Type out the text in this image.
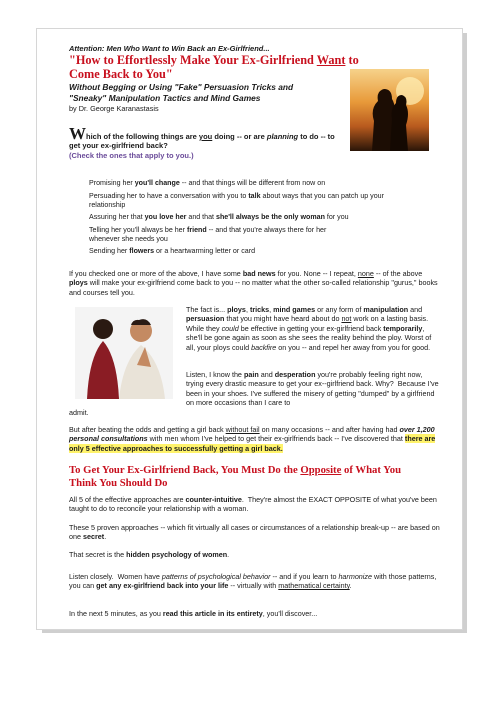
Attention: Men Who Want to Win Back an Ex-Girlfriend...
"How to Effortlessly Make Your Ex-Girlfriend Want to Come Back to You"
Without Begging or Using "Fake" Persuasion Tricks and "Sneaky" Manipulation Tactics and Mind Games
by Dr. George Karanastasis
Which of the following things are you doing -- or are planning to do -- to get your ex-girlfriend back?
(Check the ones that apply to you.)
Promising her you'll change -- and that things will be different from now on
Persuading her to have a conversation with you to talk about ways that you can patch up your relationship
Assuring her that you love her and that she'll always be the only woman for you
Telling her you'll always be her friend -- and that you're always there for her whenever she needs you
Sending her flowers or a heartwarming letter or card
If you checked one or more of the above, I have some bad news for you. None -- I repeat, none -- of the above ploys will make your ex-girlfriend come back to you -- no matter what the other so-called relationship "gurus," books and courses tell you.
The fact is... ploys, tricks, mind games or any form of manipulation and persuasion that you might have heard about do not work on a lasting basis. While they could be effective in getting your ex-girlfriend back temporarily, she'll be gone again as soon as she sees the reality behind the ploy. Worst of all, your ploys could backfire on you -- and repel her away from you for good.
Listen, I know the pain and desperation you're probably feeling right now, trying every drastic measure to get your ex--girlfriend back. Why?  Because I've been in your shoes. I've suffered the misery of getting "dumped" by a girlfriend on more occasions than I care to
admit.
But after beating the odds and getting a girl back without fail on many occasions -- and after having had over 1,200 personal consultations with men whom I've helped to get their ex-girlfriends back -- I've discovered that there are only 5 effective approaches to successfully getting a girl back.
To Get Your Ex-Girlfriend Back, You Must Do the Opposite of What You Think You Should Do
All 5 of the effective approaches are counter-intuitive.  They're almost the EXACT OPPOSITE of what you've been taught to do to reconcile your relationship with a woman.
These 5 proven approaches -- which fit virtually all cases or circumstances of a relationship break-up -- are based on one secret.
That secret is the hidden psychology of women.
Listen closely.  Women have patterns of psychological behavior -- and if you learn to harmonize with those patterns, you can get any ex-girlfriend back into your life -- virtually with mathematical certainty.
In the next 5 minutes, as you read this article in its entirety, you'll discover...
